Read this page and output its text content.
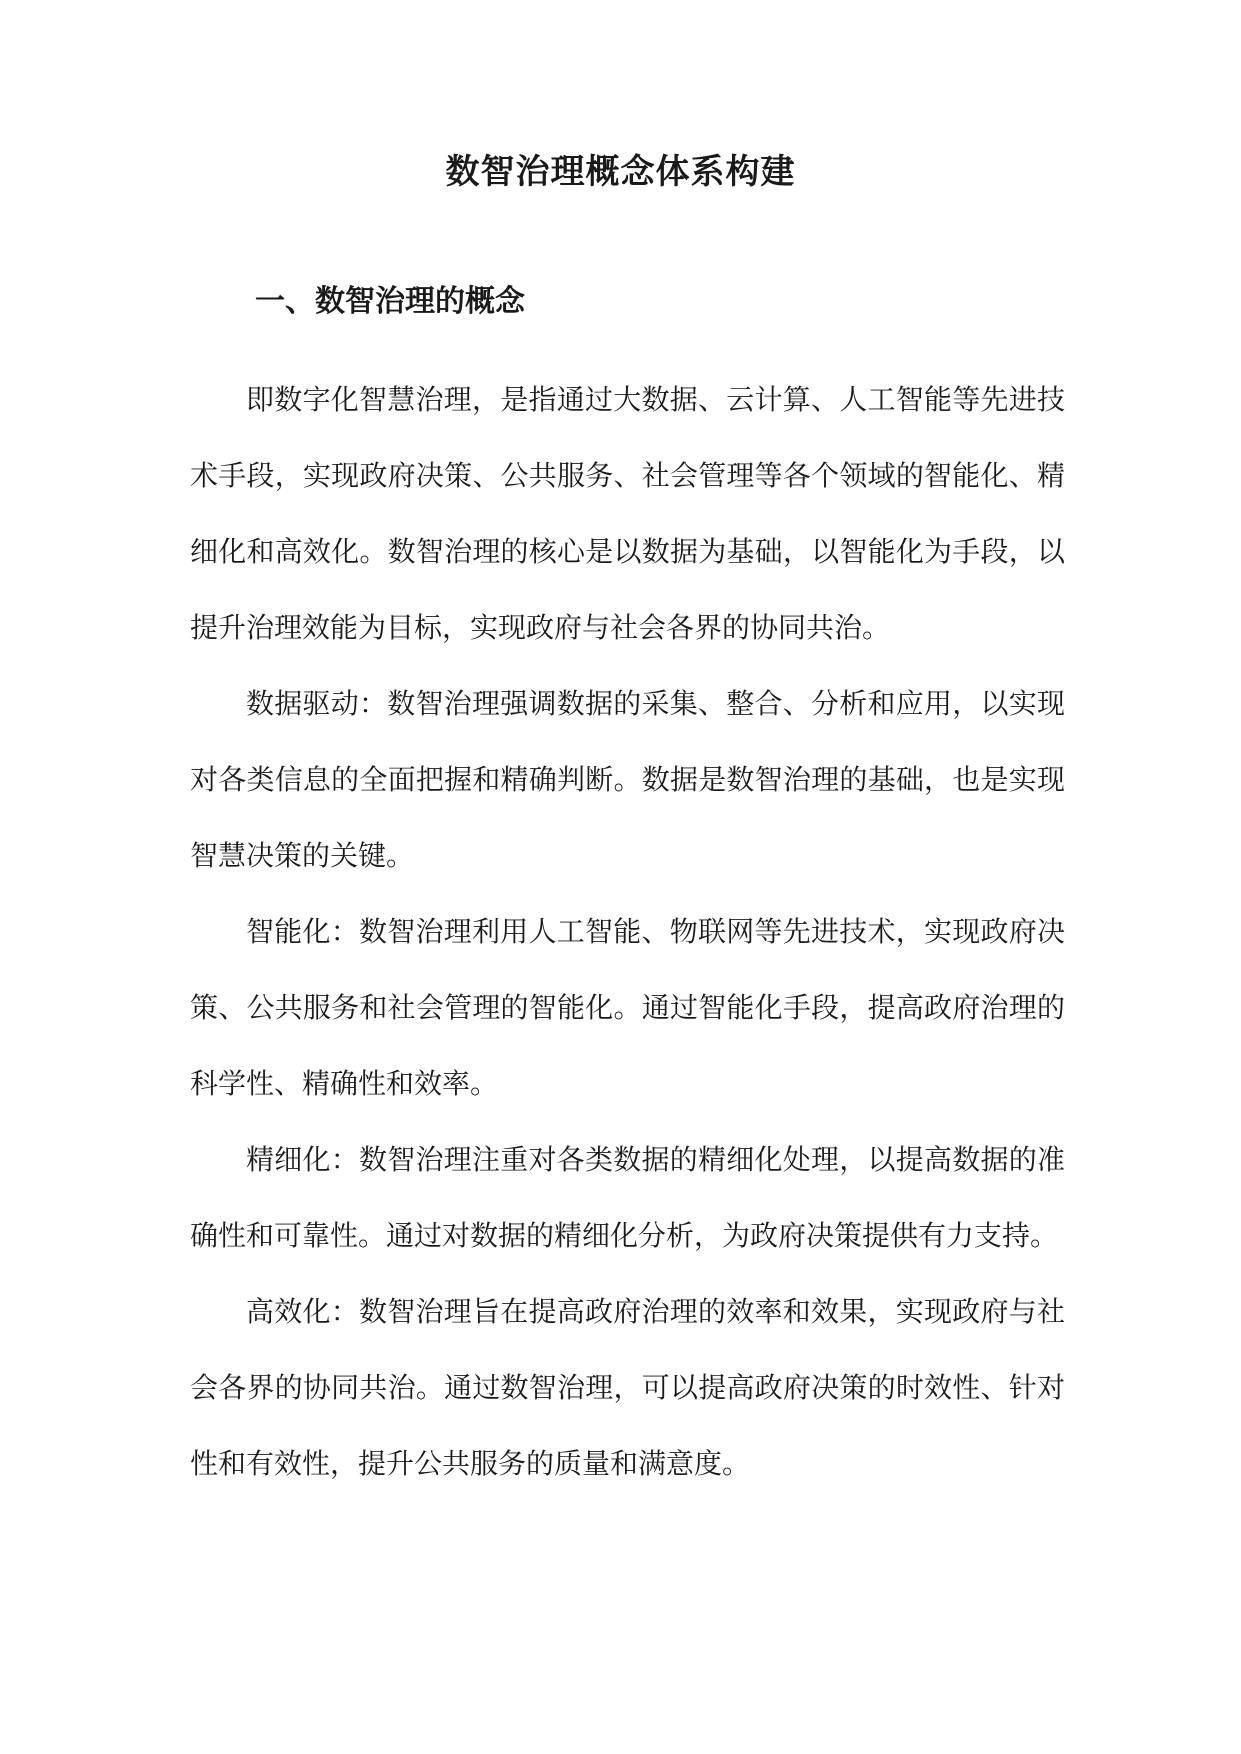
数智治理概念体系构建
一、数智治理的概念

即数字化智慧治理，是指通过大数据、云计算、人工智能等先进技术手段，实现政府决策、公共服务、社会管理等各个领域的智能化、精细化和高效化。数智治理的核心是以数据为基础，以智能化为手段，以提升治理效能为目标，实现政府与社会各界的协同共治。

数据驱动：数智治理强调数据的采集、整合、分析和应用，以实现对各类信息的全面把握和精确判断。数据是数智治理的基础，也是实现智慧决策的关键。

智能化：数智治理利用人工智能、物联网等先进技术，实现政府决策、公共服务和社会管理的智能化。通过智能化手段，提高政府治理的科学性、精确性和效率。

精细化：数智治理注重对各类数据的精细化处理，以提高数据的准确性和可靠性。通过对数据的精细化分析，为政府决策提供有力支持。

高效化：数智治理旨在提高政府治理的效率和效果，实现政府与社会各界的协同共治。通过数智治理，可以提高政府决策的时效性、针对性和有效性，提升公共服务的质量和满意度。
